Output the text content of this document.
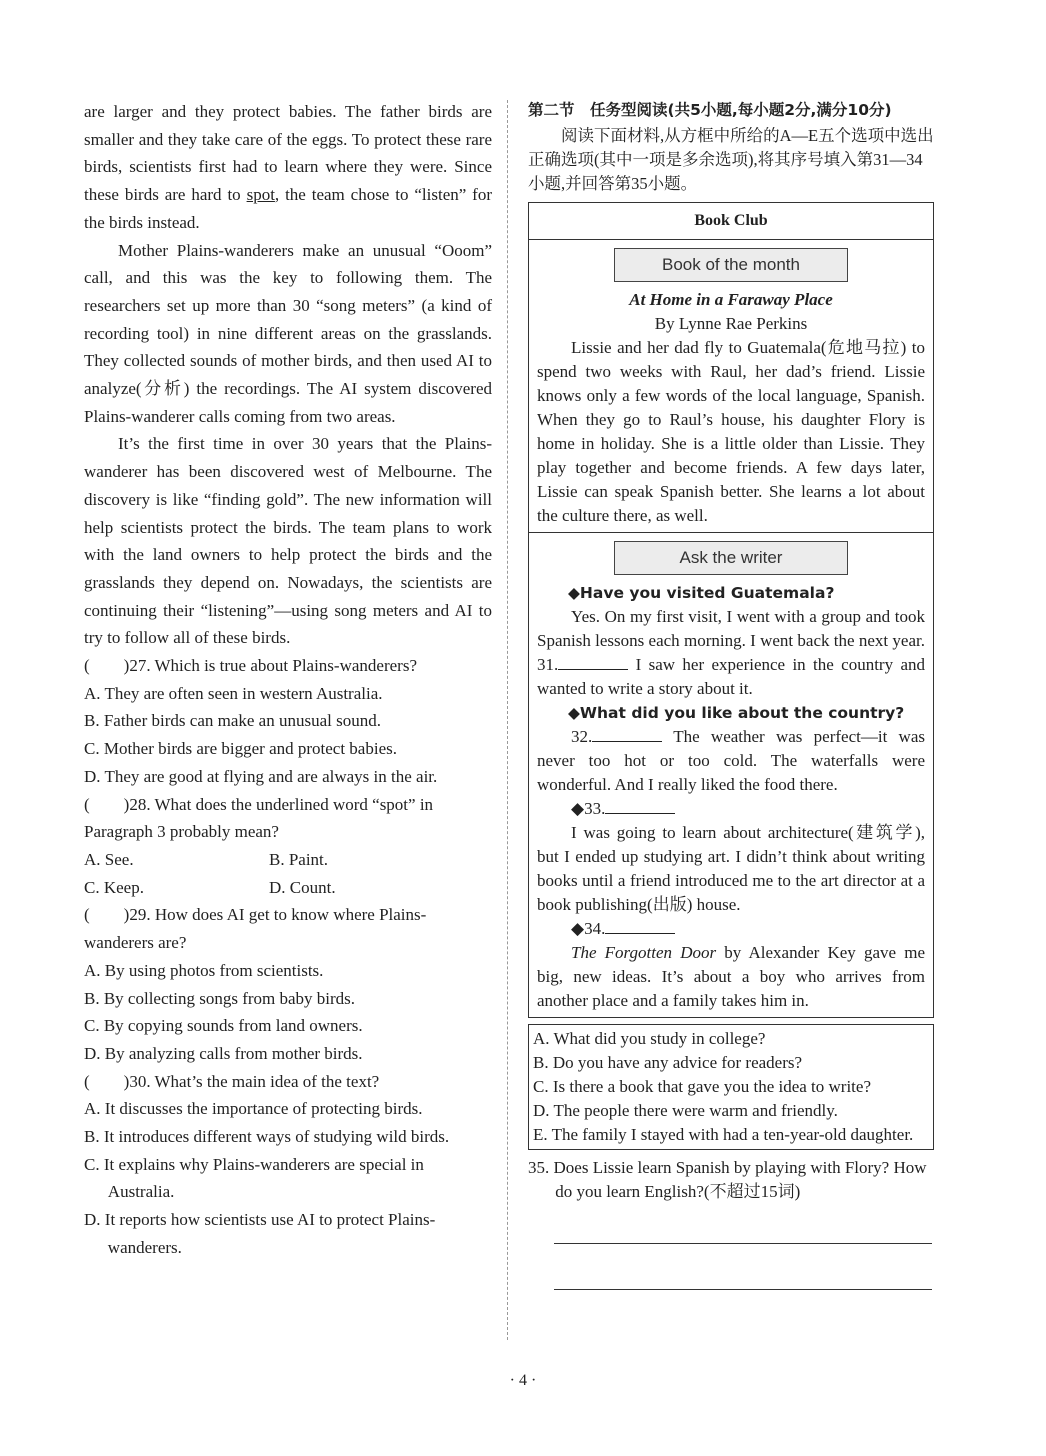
are larger and they protect babies. The father birds are smaller and they take care of the eggs. To protect these rare birds, scientists first had to learn where they were. Since these birds are hard to spot, the team chose to “listen” for the birds instead.

Mother Plains-wanderers make an unusual “Ooom” call, and this was the key to following them. The researchers set up more than 30 “song meters” (a kind of recording tool) in nine different areas on the grasslands. They collected sounds of mother birds, and then used AI to analyze(分析) the recordings. The AI system discovered Plains-wanderer calls coming from two areas.

It’s the first time in over 30 years that the Plains-wanderer has been discovered west of Melbourne. The discovery is like “finding gold”. The new information will help scientists protect the birds. The team plans to work with the land owners to help protect the birds and the grasslands they depend on. Nowadays, the scientists are continuing their “listening”—using song meters and AI to try to follow all of these birds.

(　　)27. Which is true about Plains-wanderers?
A. They are often seen in western Australia.
B. Father birds can make an unusual sound.
C. Mother birds are bigger and protect babies.
D. They are good at flying and are always in the air.
(　　)28. What does the underlined word “spot” in Paragraph 3 probably mean?
A. See.	B. Paint.
C. Keep.	D. Count.
(　　)29. How does AI get to know where Plains-wanderers are?
A. By using photos from scientists.
B. By collecting songs from baby birds.
C. By copying sounds from land owners.
D. By analyzing calls from mother birds.
(　　)30. What’s the main idea of the text?
A. It discusses the importance of protecting birds.
B. It introduces different ways of studying wild birds.
C. It explains why Plains-wanderers are special in Australia.
D. It reports how scientists use AI to protect Plains-wanderers.
第二节　任务型阅读(共5小题,每小题2分,满分10分)

阅读下面材料,从方框中所给的A—E五个选项中选出正确选项(其中一项是多余选项),将其序号填入第31—34小题,并回答第35小题。

Book Club
Book of the month
At Home in a Faraway Place
By Lynne Rae Perkins

Lissie and her dad fly to Guatemala(危地马拉) to spend two weeks with Raul, her dad’s friend. Lissie knows only a few words of the local language, Spanish. When they go to Raul’s house, his daughter Flory is home in holiday. She is a little older than Lissie. They play together and become friends. A few days later, Lissie can speak Spanish better. She learns a lot about the culture there, as well.

Ask the writer

◆Have you visited Guatemala?

Yes. On my first visit, I went with a group and took Spanish lessons each morning. I went back the next year. 31.	I saw her experience in the country and wanted to write a story about it.

◆What did you like about the country?

32.	The weather was perfect—it was never too hot or too cold. The waterfalls were wonderful. And I really liked the food there.

◆33.

I was going to learn about architecture(建筑学), but I ended up studying art. I didn’t think about writing books until a friend introduced me to the art director at a book publishing(出版) house.

◆34.

The Forgotten Door by Alexander Key gave me big, new ideas. It’s about a boy who arrives from another place and a family takes him in.

A. What did you study in college?
B. Do you have any advice for readers?
C. Is there a book that gave you the idea to write?
D. The people there were warm and friendly.
E. The family I stayed with had a ten-year-old daughter.
35. Does Lissie learn Spanish by playing with Flory? How do you learn English?(不超过15词)
· 4 ·
